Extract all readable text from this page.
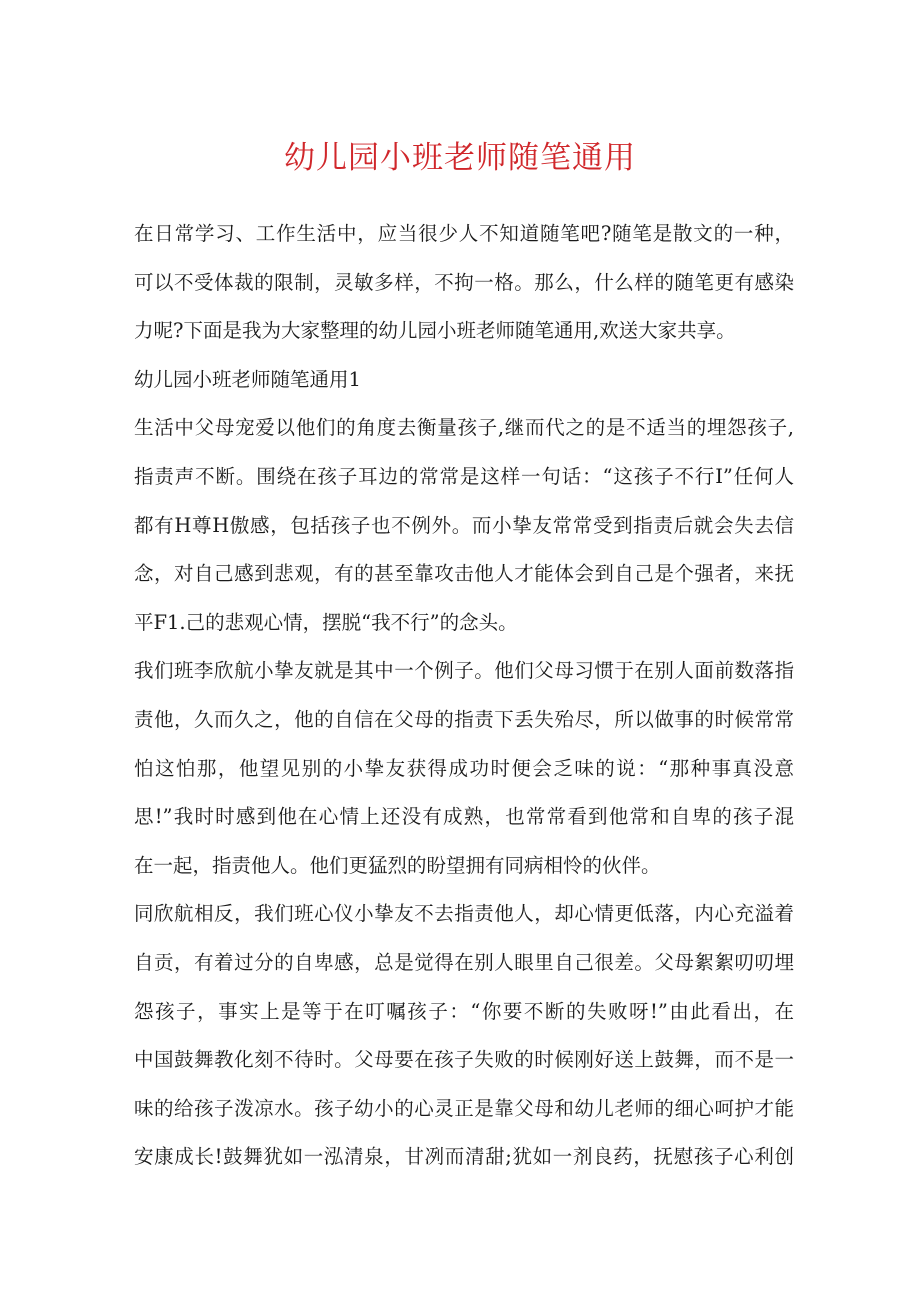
幼儿园小班老师随笔通用
在日常学习、工作生活中，应当很少人不知道随笔吧?随笔是散文的一种，
可以不受体裁的限制，灵敏多样，不拘一格。那么，什么样的随笔更有感染
力呢?下面是我为大家整理的幼儿园小班老师随笔通用,欢送大家共享。
幼儿园小班老师随笔通用1
生活中父母宠爱以他们的角度去衡量孩子,继而代之的是不适当的埋怨孩子,
指责声不断。围绕在孩子耳边的常常是这样一句话：“这孩子不行I”任何人
都有H尊H傲感，包括孩子也不例外。而小挚友常常受到指责后就会失去信
念，对自己感到悲观，有的甚至靠攻击他人才能体会到自己是个强者，来抚
平F1.己的悲观心情，摆脱“我不行”的念头。
我们班李欣航小挚友就是其中一个例子。他们父母习惯于在别人面前数落指
责他，久而久之，他的自信在父母的指责下丢失殆尽，所以做事的时候常常
怕这怕那，他望见别的小挚友获得成功时便会乏味的说：“那种事真没意
思!”我时时感到他在心情上还没有成熟，也常常看到他常和自卑的孩子混
在一起，指责他人。他们更猛烈的盼望拥有同病相怜的伙伴。
同欣航相反，我们班心仪小挚友不去指责他人，却心情更低落，内心充溢着
自贡，有着过分的自卑感，总是觉得在别人眼里自己很差。父母絮絮叨叨埋
怨孩子，事实上是等于在叮嘱孩子：“你要不断的失败呀!”由此看出，在
中国鼓舞教化刻不待时。父母要在孩子失败的时候刚好送上鼓舞，而不是一
味的给孩子泼凉水。孩子幼小的心灵正是靠父母和幼儿老师的细心呵护才能
安康成长!鼓舞犹如一泓清泉，甘冽而清甜;犹如一剂良药，抚慰孩子心利创
